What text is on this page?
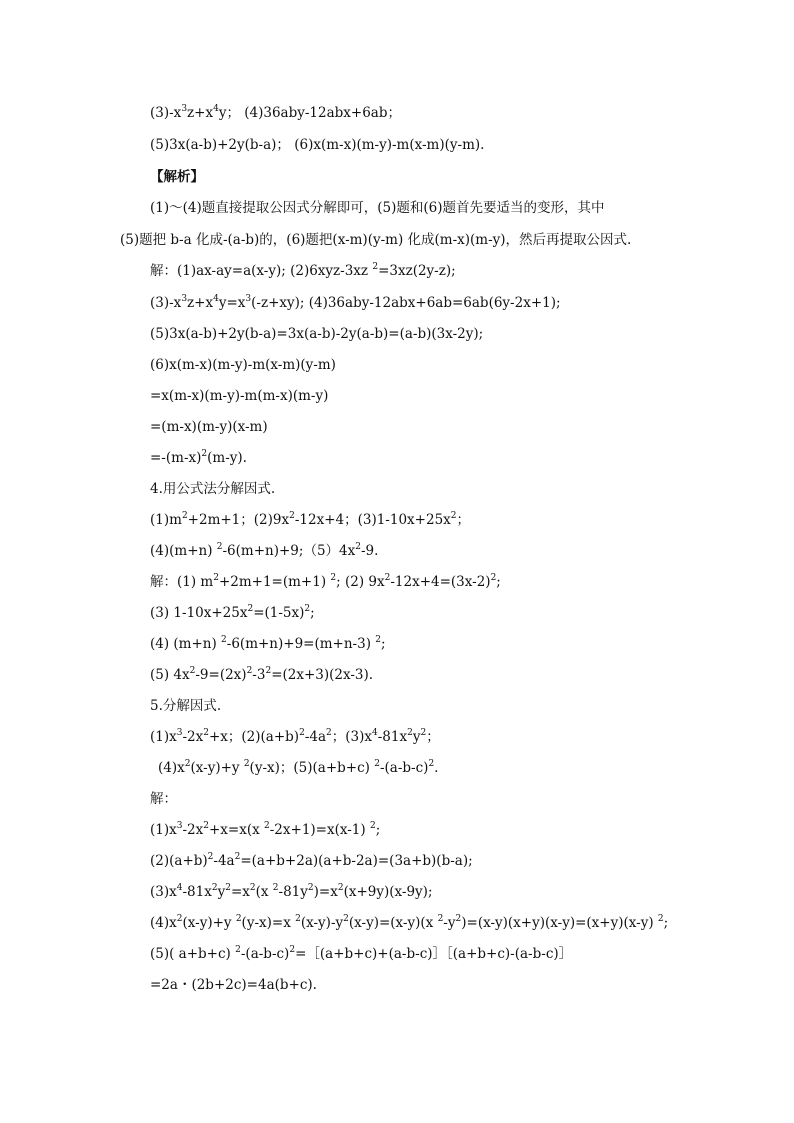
$(3)-x^3z+x^4y$； (4)36aby-12abx+6ab；
(5)3x(a-b)+2y(b-a)； (6)x(m-x)(m-y)-m(x-m)(y-m).
【解析】
(1)～(4)题直接提取公因式分解即可，(5)题和(6)题首先要适当的变形，其中
(5)题把 b-a 化成-(a-b)的，(6)题把(x-m)(y-m) 化成(m-x)(m-y)，然后再提取公因式.
解：(1)ax-ay=a(x-y); (2)6xyz-3xz $^2$=3xz(2y-z);
$(3)-x^3z+x^4y=x^3(-z+xy)$; (4)36aby-12abx+6ab=6ab(6y-2x+1);
(5)3x(a-b)+2y(b-a)=3x(a-b)-2y(a-b)=(a-b)(3x-2y);
(6)x(m-x)(m-y)-m(x-m)(y-m)
=x(m-x)(m-y)-m(m-x)(m-y)
=(m-x)(m-y)(x-m)
$=-(m-x)^2(m-y)$.
4.用公式法分解因式.
$(1)m^2+2m+1$；$(2)9x^2-12x+4$；$(3)1-10x+25x^2$；
(4)(m+n) $^2-6(m+n)+9;(5)4x^2-9$.
解：(1) $m^2+2m+1=(m+1)$ $^2$; (2) $9x^2-12x+4=(3x-2)^2$;
(3) $1-10x+25x^2=(1-5x)^2$;
(4) (m+n) $^2$-6(m+n)+9=(m+n-3) $^2$;
(5) $4x^2-9=(2x)^2-3^2=(2x+3)(2x-3)$.
5.分解因式.
$(1)x^3-2x^2+x$；$(2)(a+b)^2-4a^2$；$(3)x^4-81x^2y^2$；
$(4)x^2(x-y)+y$ $^2$(y-x)；(5)(a+b+c) $^2-(a-b-c)^2$.
解：
$(1)x^3-2x^2+x=x(x$ $^2$-2x+1)=x(x-1) $^2$;
$(2)(a+b)^2-4a^2=(a+b+2a)(a+b-2a)=(3a+b)(b-a)$;
$(3)x^4-81x^2y^2=x^2(x$ $^2-81y^2)=x^2(x+9y)(x-9y)$;
$(4)x^2(x-y)+y$ $^2$(y-x)=x $^2(x-y)-y^2(x-y)=(x-y)(x$ $^2-y^2)=(x-y)(x+y)(x-y)=(x+y)(x-y)$ $^2$;
(5)( a+b+c) $^2-(a-b-c)^2=[(a+b+c)+(a-b-c)][(a+b+c)-(a-b-c)]$
=2a・(2b+2c)=4a(b+c).
